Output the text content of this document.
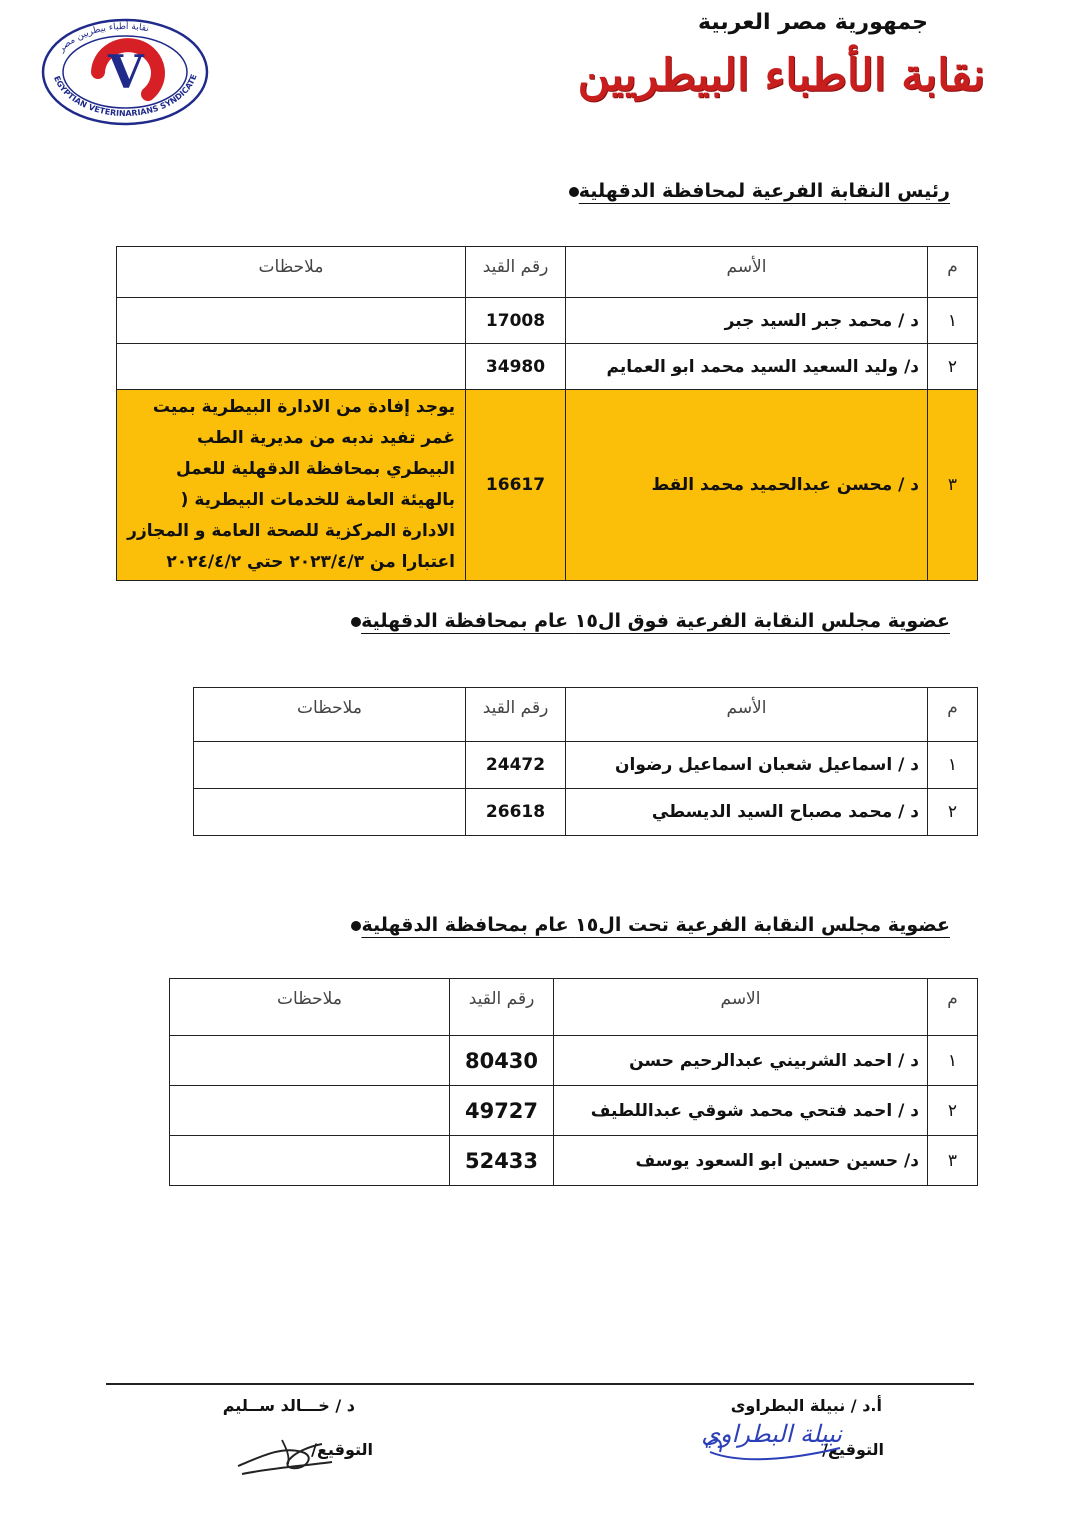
جمهورية مصر العربية
نقابة الأطباء البيطريين
V
نقابة أطباء بيطريين مصر
EGYPTIAN VETERINARIANS SYNDICATE
رئيس النقابة الفرعية لمحافظة الدقهلية
م	الأسم	رقم القيد	ملاحظات
١	د / محمد جبر السيد جبر	17008	
٢	د/ وليد السعيد السيد محمد ابو العمايم	34980	
٣	د / محسن عبدالحميد محمد القط	16617	يوجد إفادة من الادارة البيطرية بميت غمر تفيد ندبه من مديرية الطب البيطري بمحافظة الدقهلية للعمل بالهيئة العامة للخدمات البيطرية ( الادارة المركزية للصحة العامة و المجازر اعتبارا من ٢٠٢٣/٤/٣ حتي ٢٠٢٤/٤/٢
عضوية مجلس النقابة الفرعية فوق ال١٥ عام بمحافظة الدقهلية
م	الأسم	رقم القيد	ملاحظات
١	د / اسماعيل شعبان اسماعيل رضوان	24472	
٢	د / محمد مصباح السيد الديسطي	26618	
عضوية مجلس النقابة الفرعية تحت ال١٥ عام بمحافظة الدقهلية
م	الاسم	رقم القيد	ملاحظات
١	د / احمد الشربيني عبدالرحيم حسن	80430	
٢	د / احمد فتحي محمد شوقي عبداللطيف	49727	
٣	د/ حسين حسين ابو السعود يوسف	52433	
أ.د / نبيلة البطراوى
التوقيع/
نبيلة البطراوي
د / خـــالد ســليم
التوقيع/
